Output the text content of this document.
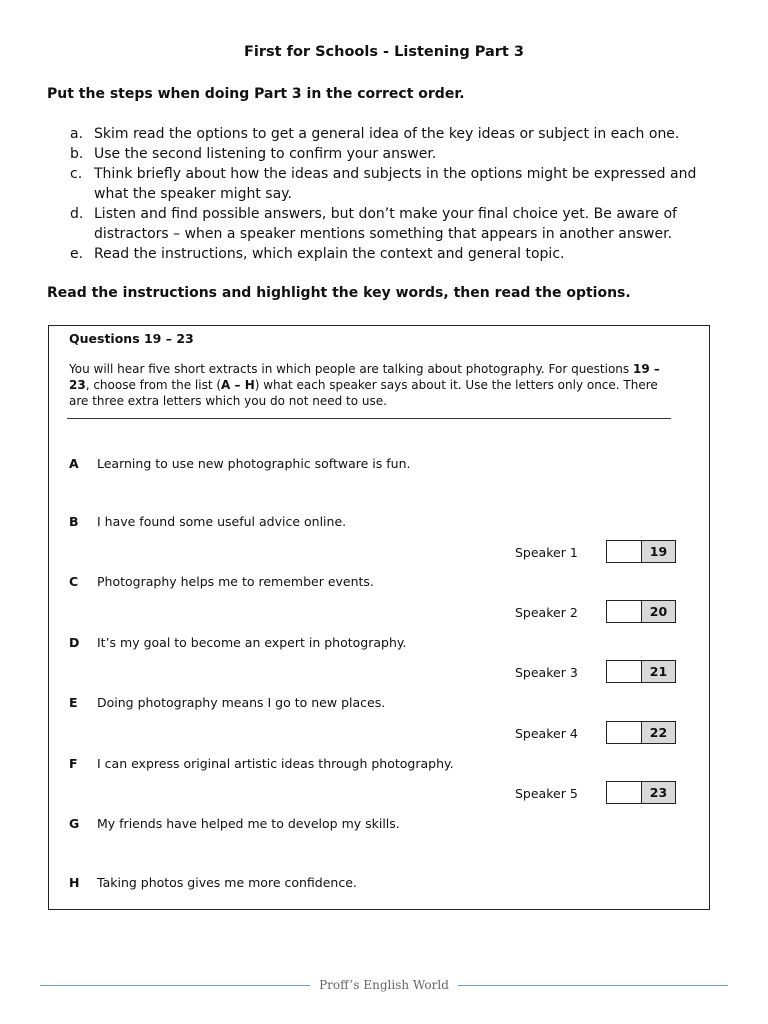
First for Schools - Listening Part 3
Put the steps when doing Part 3 in the correct order.
a. Skim read the options to get a general idea of the key ideas or subject in each one.
b. Use the second listening to confirm your answer.
c. Think briefly about how the ideas and subjects in the options might be expressed and what the speaker might say.
d. Listen and find possible answers, but don’t make your final choice yet. Be aware of distractors – when a speaker mentions something that appears in another answer.
e. Read the instructions, which explain the context and general topic.
Read the instructions and highlight the key words, then read the options.
Questions 19 – 23
You will hear five short extracts in which people are talking about photography. For questions 19 – 23, choose from the list (A – H) what each speaker says about it. Use the letters only once. There are three extra letters which you do not need to use.
A Learning to use new photographic software is fun.
B I have found some useful advice online.
C Photography helps me to remember events.
D It’s my goal to become an expert in photography.
E Doing photography means I go to new places.
F I can express original artistic ideas through photography.
G My friends have helped me to develop my skills.
H Taking photos gives me more confidence.
Speaker 1	19
Speaker 2	20
Speaker 3	21
Speaker 4	22
Speaker 5	23
Proff’s English World
